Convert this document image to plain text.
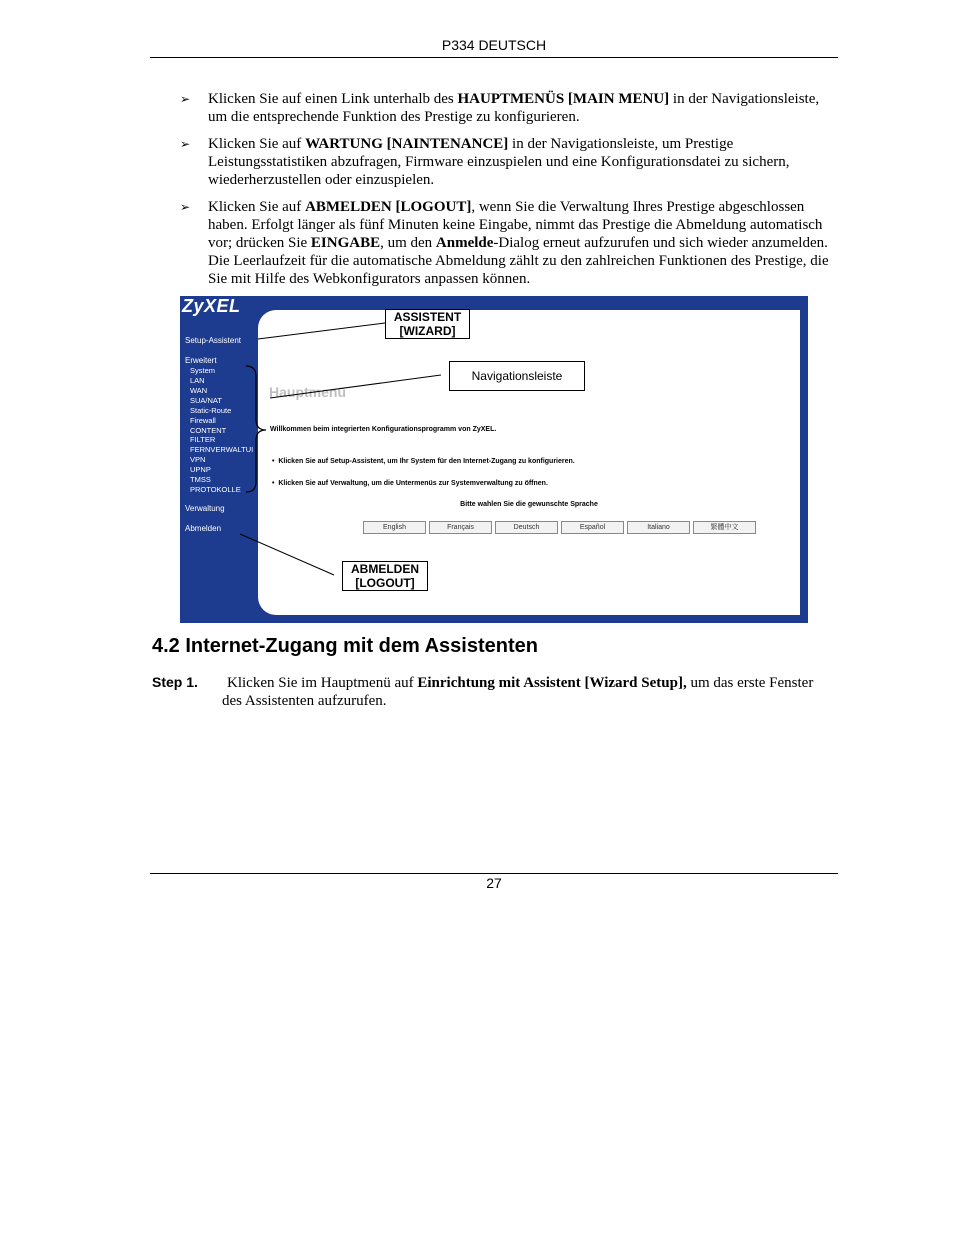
P334 DEUTSCH
➢ Klicken Sie auf einen Link unterhalb des HAUPTMENÜS [MAIN MENU] in der Navigationsleiste, um die entsprechende Funktion des Prestige zu konfigurieren.
➢ Klicken Sie auf WARTUNG [NAINTENANCE] in der Navigationsleiste, um Prestige Leistungsstatistiken abzufragen, Firmware einzuspielen und eine Konfigurationsdatei zu sichern, wiederherzustellen oder einzuspielen.
➢ Klicken Sie auf ABMELDEN [LOGOUT], wenn Sie die Verwaltung Ihres Prestige abgeschlossen haben. Erfolgt länger als fünf Minuten keine Eingabe, nimmt das Prestige die Abmeldung automatisch vor; drücken Sie EINGABE, um den Anmelde-Dialog erneut aufzurufen und sich wieder anzumelden. Die Leerlaufzeit für die automatische Abmeldung zählt zu den zahlreichen Funktionen des Prestige, die Sie mit Hilfe des Webkonfigurators anpassen können.
ZyXEL
Setup-Assistent
Erweitert
System
LAN
WAN
SUA/NAT
Static-Route
Firewall
CONTENT
FILTER
FERNVERWALTUI
VPN
UPNP
TMSS
PROTOKOLLE
Verwaltung
Abmelden
Hauptmenü
Willkommen beim integrierten Konfigurationsprogramm von ZyXEL.
•  Klicken Sie auf Setup-Assistent, um Ihr System für den Internet-Zugang zu konfigurieren.
•  Klicken Sie auf Verwaltung, um die Untermenüs zur Systemverwaltung zu öffnen.
Bitte wahlen Sie die gewunschte Sprache
English	Français	Deutsch	Español	Italiano	繁體中文
ASSISTENT
[WIZARD]
Navigationsleiste
ABMELDEN
[LOGOUT]
4.2 Internet-Zugang mit dem Assistenten
Step 1.	Klicken Sie im Hauptmenü auf Einrichtung mit Assistent [Wizard Setup], um das erste Fenster des Assistenten aufzurufen.
27
